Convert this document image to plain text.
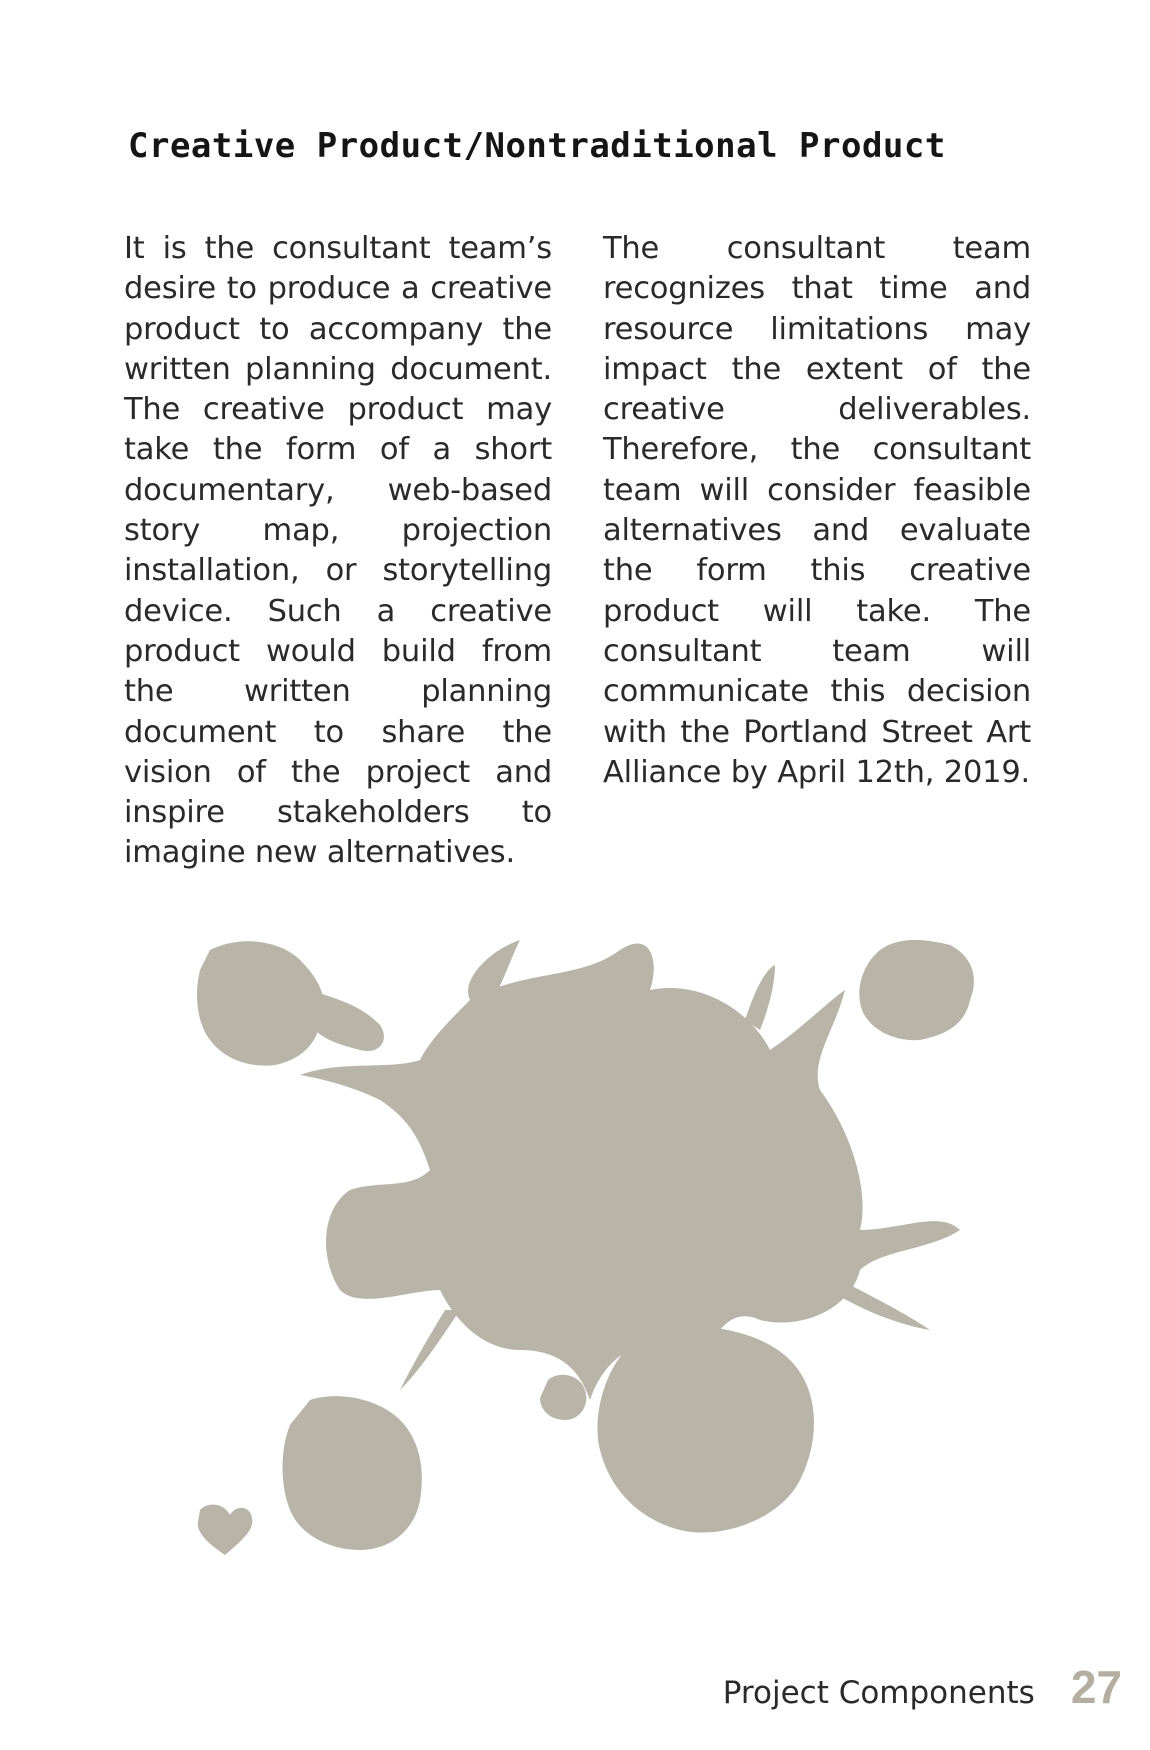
Creative Product/Nontraditional Product

It is the consultant team’s desire to produce a creative product to accompany the written planning document. The creative product may take the form of a short documentary, web-based story map, projection installation, or storytelling device. Such a creative product would build from the written planning document to share the vision of the project and inspire stakeholders to imagine new alternatives.

The consultant team recognizes that time and resource limitations may impact the extent of the creative deliverables. Therefore, the consultant team will consider feasible alternatives and evaluate the form this creative product will take. The consultant team will communicate this decision with the Portland Street Art Alliance by April 12th, 2019.

Project Components 27
